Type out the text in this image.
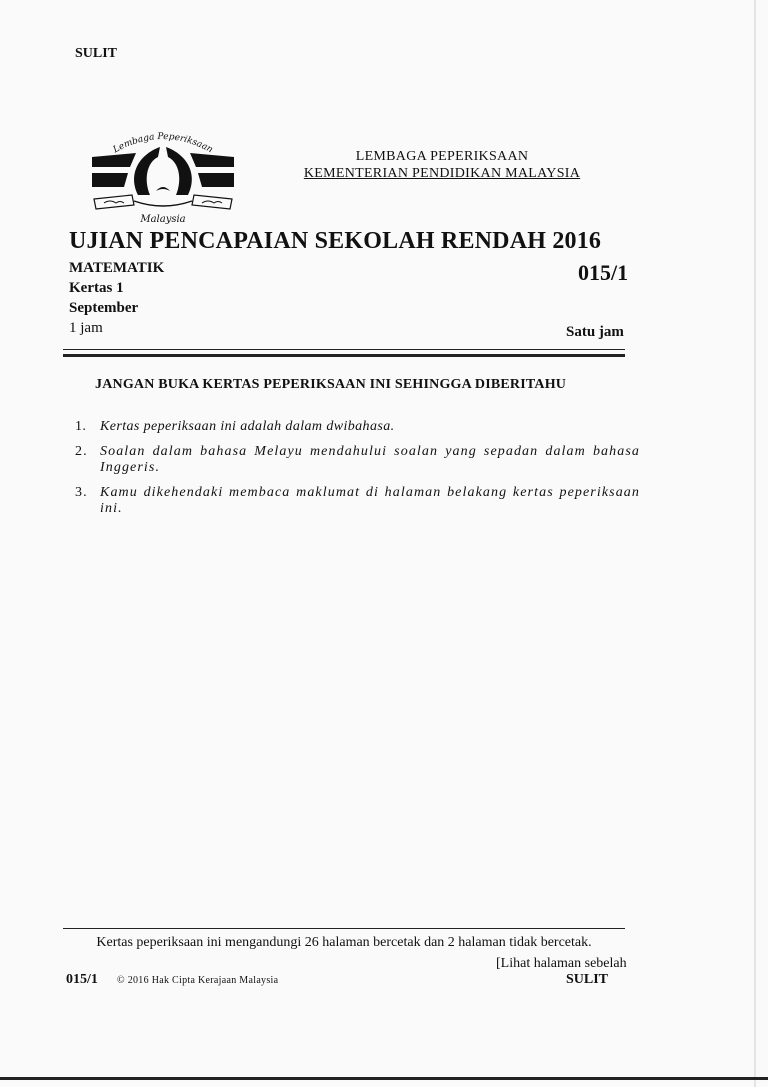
SULIT
Lembaga Peperiksaan
Malaysia
LEMBAGA PEPERIKSAAN
KEMENTERIAN PENDIDIKAN MALAYSIA
UJIAN PENCAPAIAN SEKOLAH RENDAH 2016
MATEMATIK	015/1
Kertas 1
September
1 jam	Satu jam
JANGAN BUKA KERTAS PEPERIKSAAN INI SEHINGGA DIBERITAHU
1. Kertas peperiksaan ini adalah dalam dwibahasa.
2. Soalan dalam bahasa Melayu mendahului soalan yang sepadan dalam bahasa Inggeris.
3. Kamu dikehendaki membaca maklumat di halaman belakang kertas peperiksaan ini.
Kertas peperiksaan ini mengandungi 26 halaman bercetak dan 2 halaman tidak bercetak.
[Lihat halaman sebelah
015/1 © 2016 Hak Cipta Kerajaan Malaysia	SULIT
